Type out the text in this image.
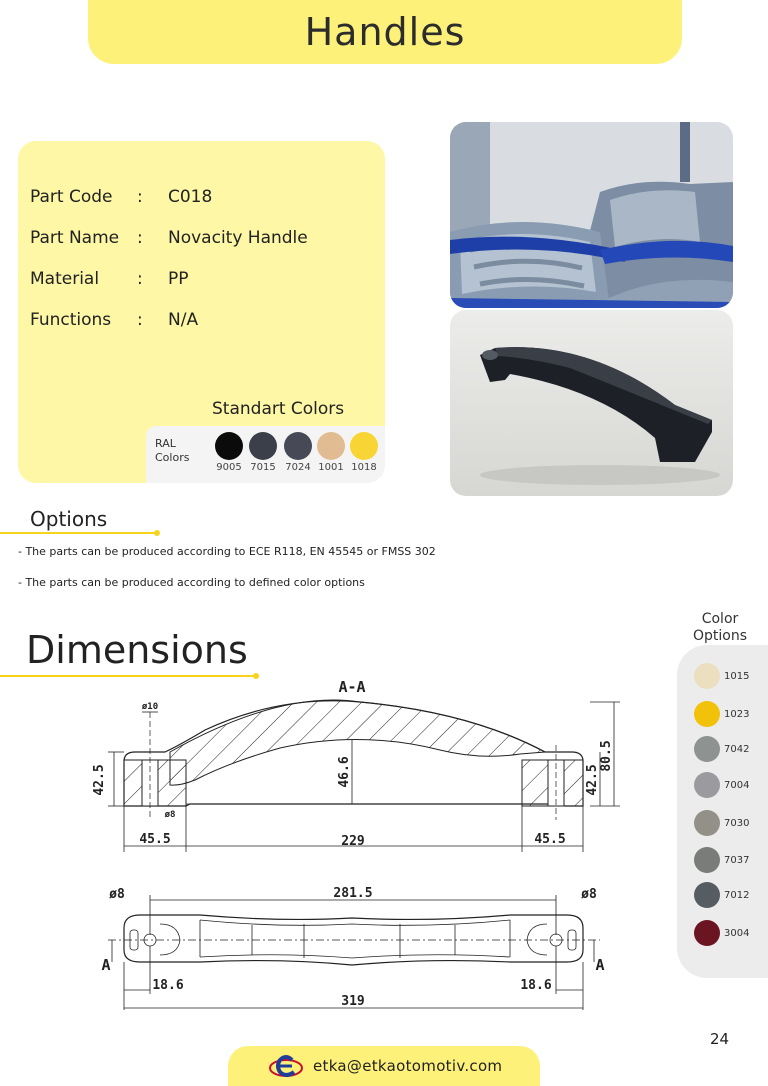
Handles
Part Code	:	C018
Part Name	:	Novacity Handle
Material	:	PP
Functions	:	N/A
Standart Colors
RAL
Colors
9005 7015 7024 1001 1018
Options
- The parts can be produced according to ECE R118, EN 45545 or FMSS 302
- The parts can be produced according to defined color options
Dimensions
Color
Options
1015
1023
7042
7004
7030
7037
7012
3004
A-A
42.5	46.6	42.5
80.5
45.5	229	45.5
ø10
ø8
ø8	ø8
281.5
18.6	18.6
319
A	A
24
etka@etkaotomotiv.com
